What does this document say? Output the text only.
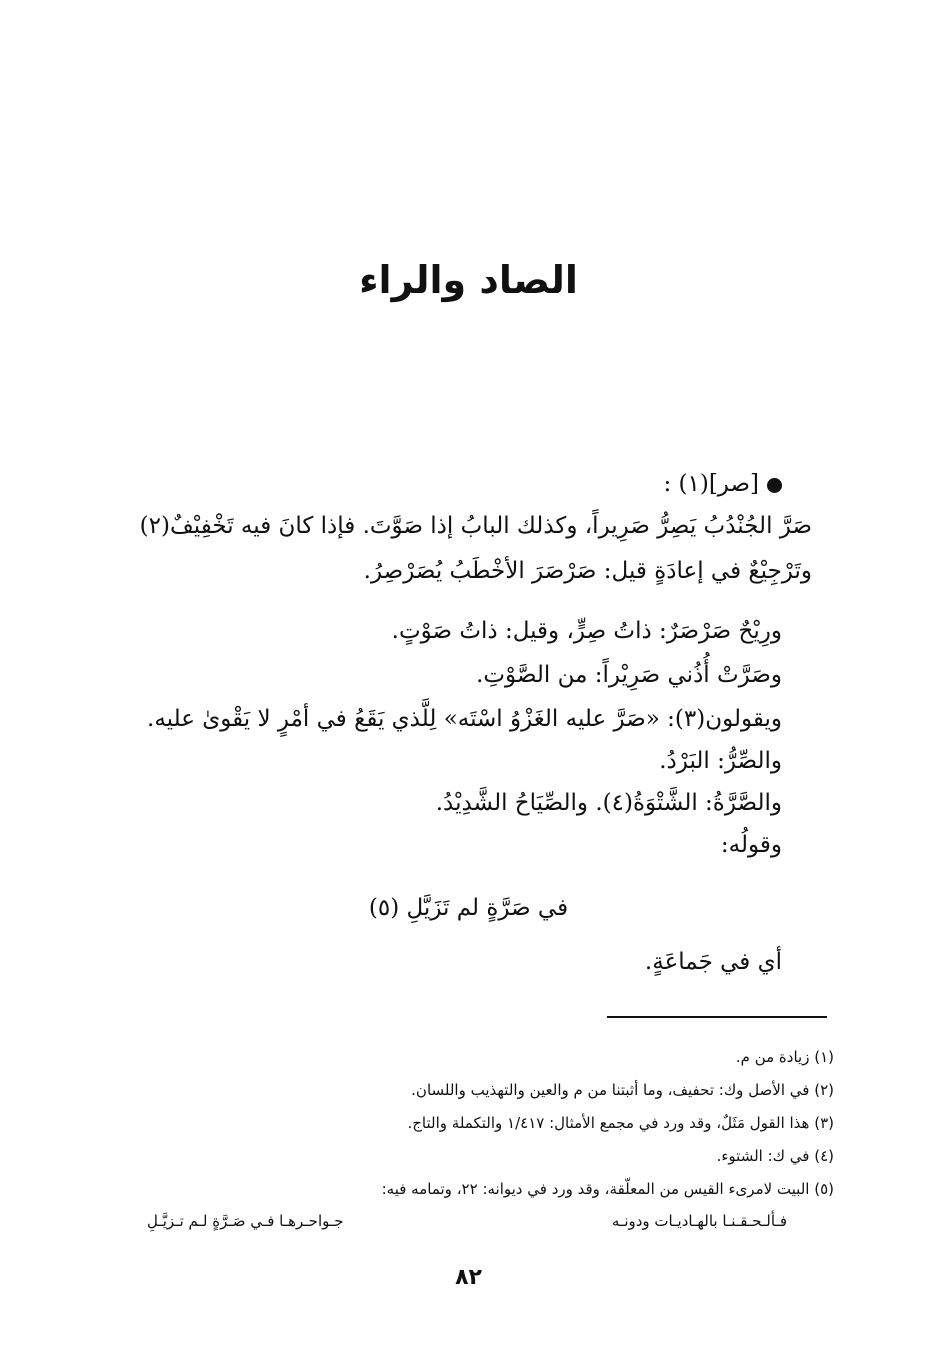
الصاد والراء
[صر](١) :
صَرَّ الجُنْدُبُ يَصِرُّ صَرِيراً، وكذلك البابُ إذا صَوَّتَ. فإذا كانَ فيه تَخْفِيْفٌ(٢)
وتَرْجِيْعٌ في إعادَةٍ قيل: صَرْصَرَ الأخْطَبُ يُصَرْصِرُ.
ورِيْحٌ صَرْصَرٌ: ذاتُ صِرٍّ، وقيل: ذاتُ صَوْتٍ.
وصَرَّتْ أُذُني صَرِيْراً: من الصَّوْتِ.
ويقولون(٣): «صَرَّ عليه الغَزْوُ اسْتَه» لِلَّذي يَقَعُ في أمْرٍ لا يَقْوىٰ عليه.
والصِّرُّ: البَرْدُ.
والصَّرَّةُ: الشَّتْوَةُ(٤). والصِّيَاحُ الشَّدِيْدُ.
وقولُه:
في صَرَّةٍ لم تَزَيَّلِ (٥)
أي في جَماعَةٍ.
(١) زيادة من م.
(٢) في الأصل وك: تحفيف، وما أثبتنا من م والعين والتهذيب واللسان.
(٣) هذا القول مَثَلٌ، وقد ورد في مجمع الأمثال: ١/٤١٧ والتكملة والتاج.
(٤) في ك: الشتوء.
(٥) البيت لامرىء القيس من المعلّقة، وقد ورد في ديوانه: ٢٢، وتمامه فيه:
فـألـحـقـنـا بالهـاديـات ودونـه
جـواحـرهـا فـي صَـرَّةٍ لـم تـزيَّـلِ
٨٢
